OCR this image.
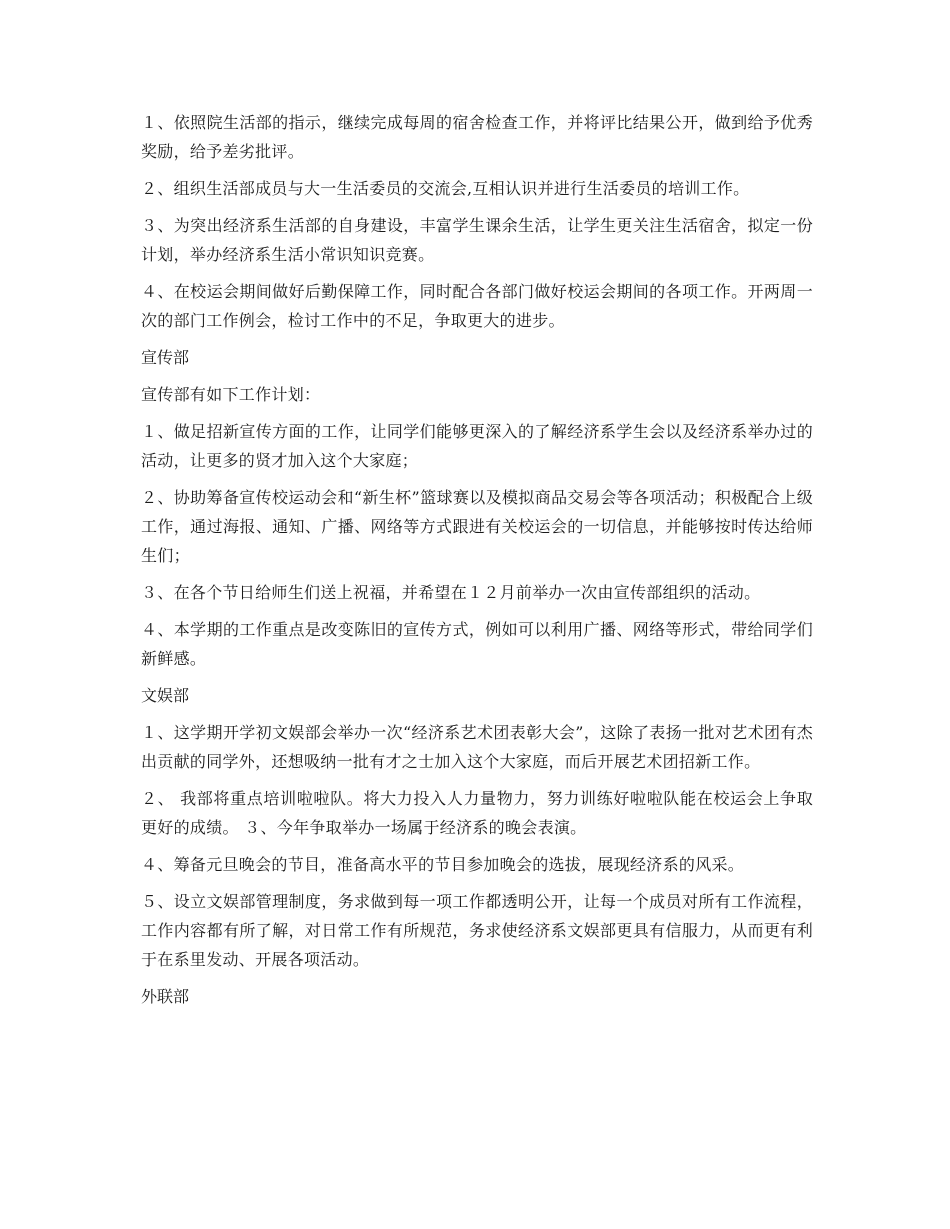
１、依照院生活部的指示，继续完成每周的宿舍检查工作，并将评比结果公开，做到给予优秀奖励，给予差劣批评。

２、组织生活部成员与大一生活委员的交流会,互相认识并进行生活委员的培训工作。

３、为突出经济系生活部的自身建设，丰富学生课余生活，让学生更关注生活宿舍，拟定一份计划，举办经济系生活小常识知识竞赛。

４、在校运会期间做好后勤保障工作，同时配合各部门做好校运会期间的各项工作。开两周一次的部门工作例会，检讨工作中的不足，争取更大的进步。

宣传部

宣传部有如下工作计划：

１、做足招新宣传方面的工作，让同学们能够更深入的了解经济系学生会以及经济系举办过的活动，让更多的贤才加入这个大家庭；

２、协助筹备宣传校运动会和“新生杯”篮球赛以及模拟商品交易会等各项活动；积极配合上级工作，通过海报、通知、广播、网络等方式跟进有关校运会的一切信息，并能够按时传达给师生们；

３、在各个节日给师生们送上祝福，并希望在１２月前举办一次由宣传部组织的活动。

４、本学期的工作重点是改变陈旧的宣传方式，例如可以利用广播、网络等形式，带给同学们新鲜感。

文娱部

１、这学期开学初文娱部会举办一次“经济系艺术团表彰大会”，这除了表扬一批对艺术团有杰出贡献的同学外，还想吸纳一批有才之士加入这个大家庭，而后开展艺术团招新工作。

２、 我部将重点培训啦啦队。将大力投入人力量物力，努力训练好啦啦队能在校运会上争取更好的成绩。 ３、今年争取举办一场属于经济系的晚会表演。

４、筹备元旦晚会的节目，准备高水平的节目参加晚会的选拔，展现经济系的风采。

５、设立文娱部管理制度，务求做到每一项工作都透明公开，让每一个成员对所有工作流程，工作内容都有所了解，对日常工作有所规范，务求使经济系文娱部更具有信服力，从而更有利于在系里发动、开展各项活动。

外联部
